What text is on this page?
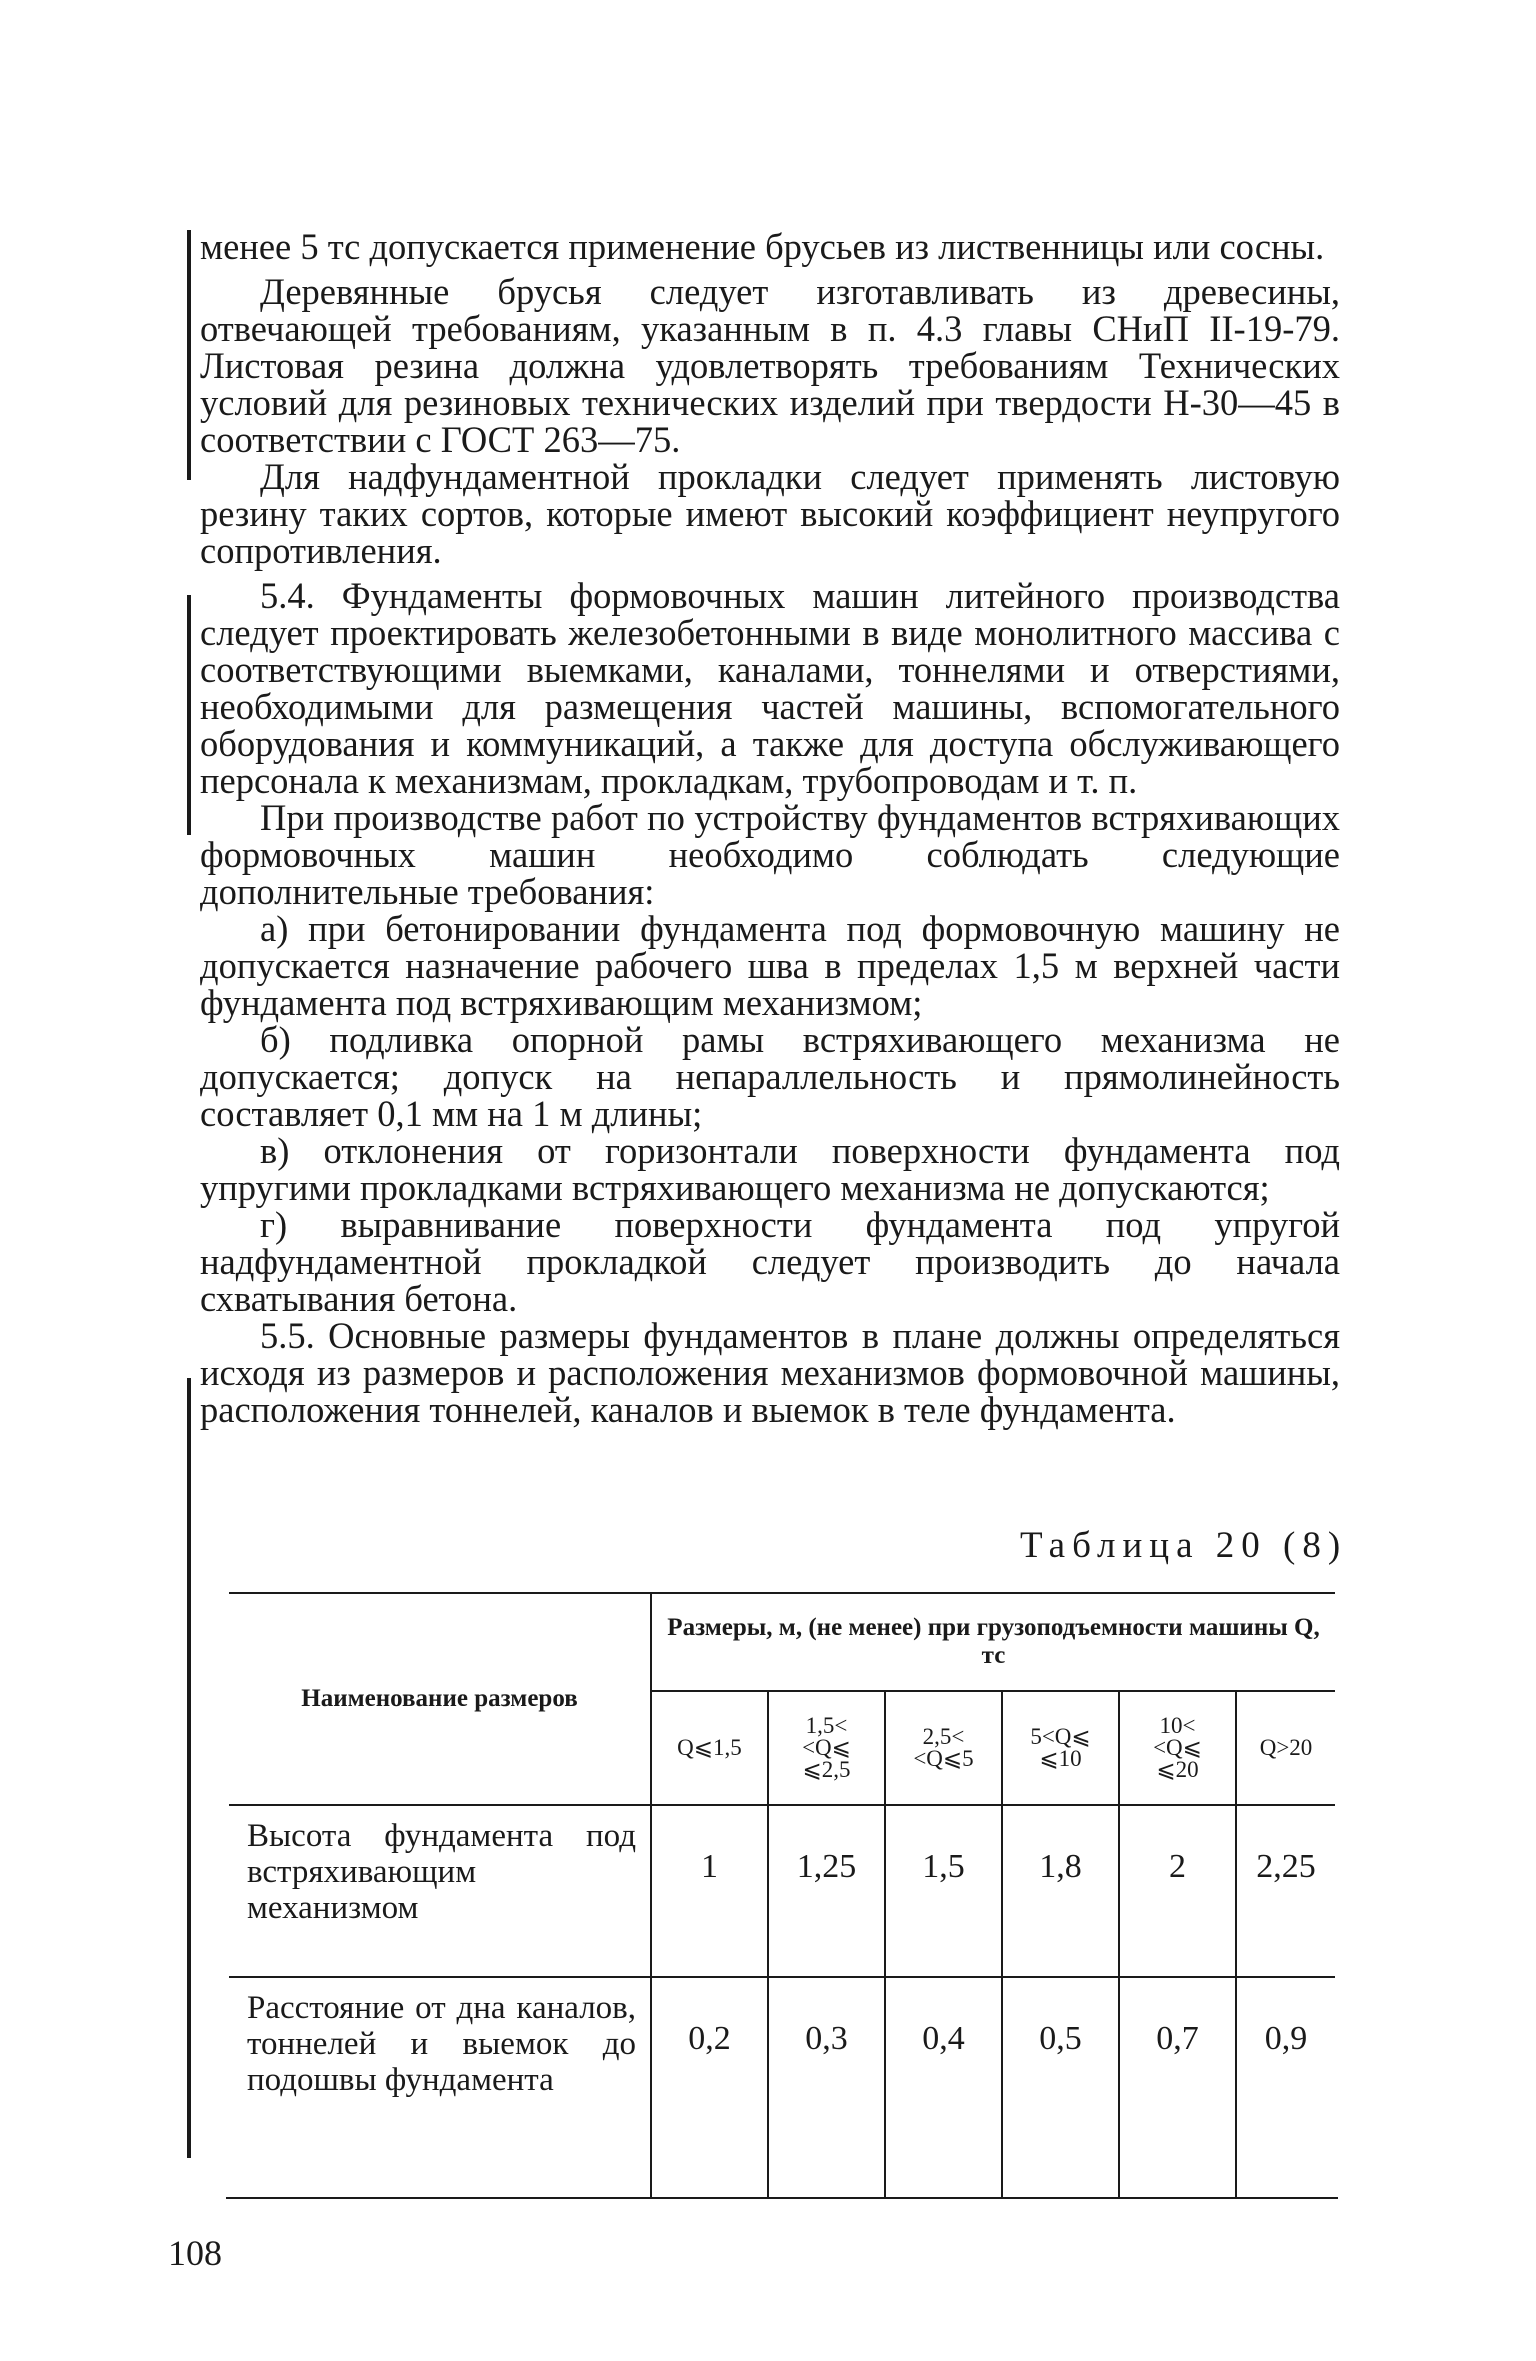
менее 5 тс допускается применение брусьев из лиственницы или сосны.

Деревянные брусья следует изготавливать из древесины, отвечающей требованиям, указанным в п. 4.3 главы СНиП II-19-79. Листовая резина должна удовлетворять требованиям Технических условий для резиновых технических изделий при твердости Н-30—45 в соответствии с ГОСТ 263—75.

Для надфундаментной прокладки следует применять листовую резину таких сортов, которые имеют высокий коэффициент неупругого сопротивления.

5.4. Фундаменты формовочных машин литейного производства следует проектировать железобетонными в виде монолитного массива с соответствующими выемками, каналами, тоннелями и отверстиями, необходимыми для размещения частей машины, вспомогательного оборудования и коммуникаций, а также для доступа обслуживающего персонала к механизмам, прокладкам, трубопроводам и т. п.

При производстве работ по устройству фундаментов встряхивающих формовочных машин необходимо соблюдать следующие дополнительные требования:

а) при бетонировании фундамента под формовочную машину не допускается назначение рабочего шва в пределах 1,5 м верхней части фундамента под встряхивающим механизмом;

б) подливка опорной рамы встряхивающего механизма не допускается; допуск на непараллельность и прямолинейность составляет 0,1 мм на 1 м длины;

в) отклонения от горизонтали поверхности фундамента под упругими прокладками встряхивающего механизма не допускаются;

г) выравнивание поверхности фундамента под упругой надфундаментной прокладкой следует производить до начала схватывания бетона.

5.5. Основные размеры фундаментов в плане должны определяться исходя из размеров и расположения механизмов формовочной машины, расположения тоннелей, каналов и выемок в теле фундамента.

Таблица 20 (8)
Наименование размеров	Размеры, м, (не менее) при грузоподъемности машины Q, тс					
	Q⩽1,5	1,5<
<Q⩽
⩽2,5	2,5<
<Q⩽5	5<Q⩽
⩽10	10<
<Q⩽
⩽20	Q>20
Высота фундамента под встряхивающим механизмом	1	1,25	1,5	1,8	2	2,25
Расстояние от дна каналов, тоннелей и выемок до подошвы фундамента	0,2	0,3	0,4	0,5	0,7	0,9
108
